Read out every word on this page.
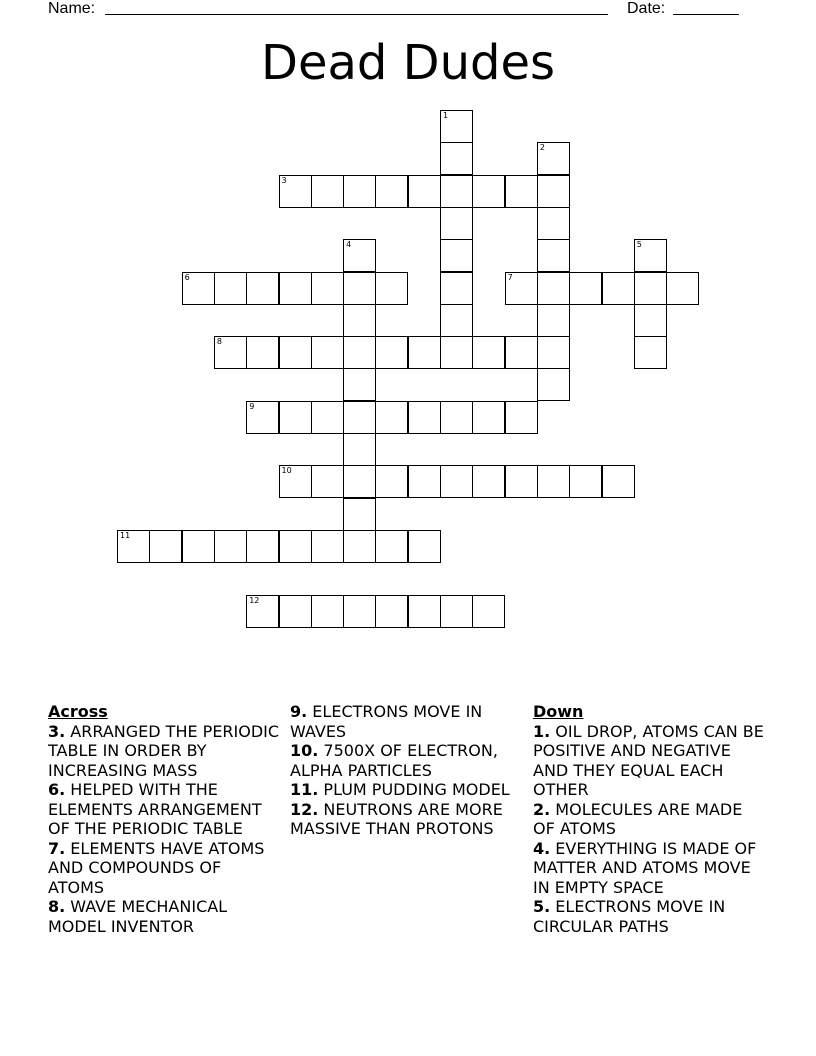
Name:	Date:
Dead Dudes
1
2
3
4	5
6	7
8
9
10
11
12
Across
3. ARRANGED THE PERIODIC TABLE IN ORDER BY INCREASING MASS
6. HELPED WITH THE ELEMENTS ARRANGEMENT OF THE PERIODIC TABLE
7. ELEMENTS HAVE ATOMS AND COMPOUNDS OF ATOMS
8. WAVE MECHANICAL MODEL INVENTOR
9. ELECTRONS MOVE IN WAVES
10. 7500X OF ELECTRON, ALPHA PARTICLES
11. PLUM PUDDING MODEL
12. NEUTRONS ARE MORE MASSIVE THAN PROTONS
Down
1. OIL DROP, ATOMS CAN BE POSITIVE AND NEGATIVE AND THEY EQUAL EACH OTHER
2. MOLECULES ARE MADE OF ATOMS
4. EVERYTHING IS MADE OF MATTER AND ATOMS MOVE IN EMPTY SPACE
5. ELECTRONS MOVE IN CIRCULAR PATHS
